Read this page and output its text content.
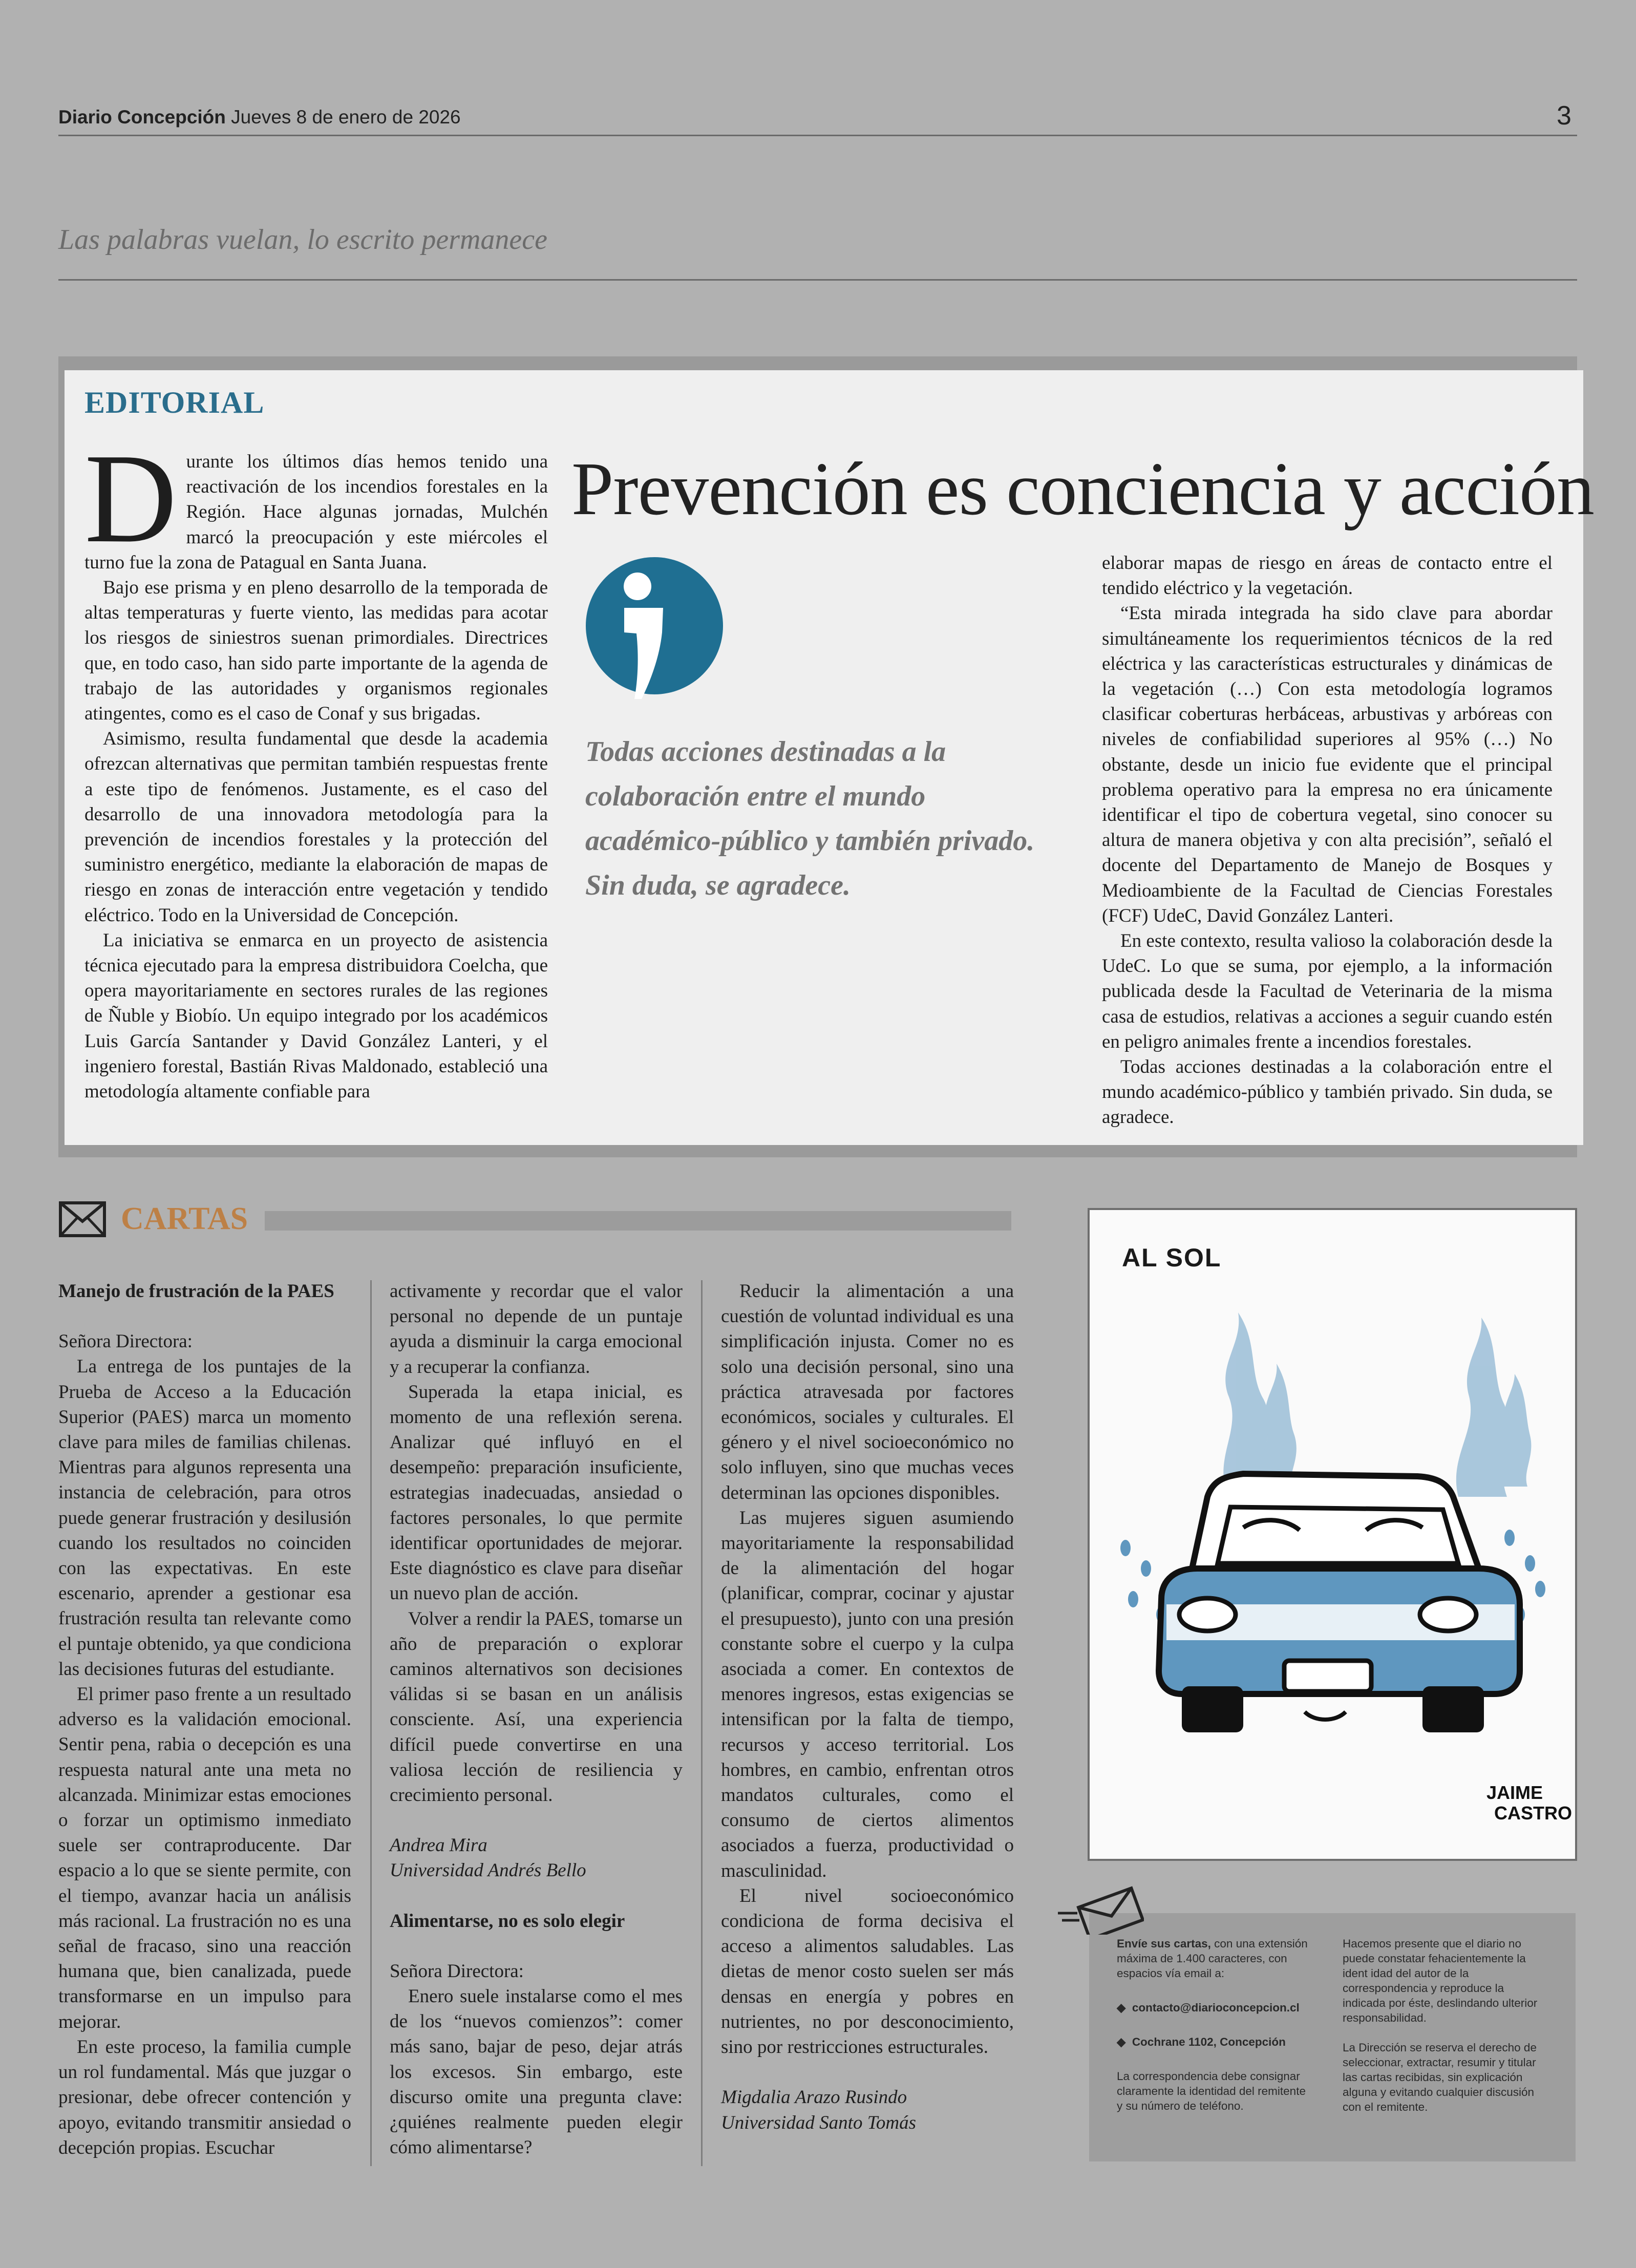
Diario Concepción Jueves 8 de enero de 2026	3
Las palabras vuelan, lo escrito permanece
EDITORIAL

Durante los últimos días hemos tenido una reactivación de los incendios forestales en la Región. Hace algunas jornadas, Mulchén marcó la preocupación y este miércoles el turno fue la zona de Patagual en Santa Juana.

Bajo ese prisma y en pleno desarrollo de la temporada de altas temperaturas y fuerte viento, las medidas para acotar los riesgos de siniestros suenan primordiales. Directrices que, en todo caso, han sido parte importante de la agenda de trabajo de las autoridades y organismos regionales atingentes, como es el caso de Conaf y sus brigadas.

Asimismo, resulta fundamental que desde la academia ofrezcan alternativas que permitan también respuestas frente a este tipo de fenómenos. Justamente, es el caso del desarrollo de una innovadora metodología para la prevención de incendios forestales y la protección del suministro energético, mediante la elaboración de mapas de riesgo en zonas de interacción entre vegetación y tendido eléctrico. Todo en la Universidad de Concepción.

La iniciativa se enmarca en un proyecto de asistencia técnica ejecutado para la empresa distribuidora Coelcha, que opera mayoritariamente en sectores rurales de las regiones de Ñuble y Biobío. Un equipo integrado por los académicos Luis García Santander y David González Lanteri, y el ingeniero forestal, Bastián Rivas Maldonado, estableció una metodología altamente confiable para

Prevención es conciencia y acción
Todas acciones destinadas a la colaboración entre el mundo académico-público y también privado. Sin duda, se agradece.

elaborar mapas de riesgo en áreas de contacto entre el tendido eléctrico y la vegetación.

“Esta mirada integrada ha sido clave para abordar simultáneamente los requerimientos técnicos de la red eléctrica y las características estructurales y dinámicas de la vegetación (…) Con esta metodología logramos clasificar coberturas herbáceas, arbustivas y arbóreas con niveles de confiabilidad superiores al 95% (…) No obstante, desde un inicio fue evidente que el principal problema operativo para la empresa no era únicamente identificar el tipo de cobertura vegetal, sino conocer su altura de manera objetiva y con alta precisión”, señaló el docente del Departamento de Manejo de Bosques y Medioambiente de la Facultad de Ciencias Forestales (FCF) UdeC, David González Lanteri.

En este contexto, resulta valioso la colaboración desde la UdeC. Lo que se suma, por ejemplo, a la información publicada desde la Facultad de Veterinaria de la misma casa de estudios, relativas a acciones a seguir cuando estén en peligro animales frente a incendios forestales.

Todas acciones destinadas a la colaboración entre el mundo académico-público y también privado. Sin duda, se agradece.

CARTAS

Manejo de frustración de la PAES

Señora Directora:

La entrega de los puntajes de la Prueba de Acceso a la Educación Superior (PAES) marca un momento clave para miles de familias chilenas. Mientras para algunos representa una instancia de celebración, para otros puede generar frustración y desilusión cuando los resultados no coinciden con las expectativas. En este escenario, aprender a gestionar esa frustración resulta tan relevante como el puntaje obtenido, ya que condiciona las decisiones futuras del estudiante.

El primer paso frente a un resultado adverso es la validación emocional. Sentir pena, rabia o decepción es una respuesta natural ante una meta no alcanzada. Minimizar estas emociones o forzar un optimismo inmediato suele ser contraproducente. Dar espacio a lo que se siente permite, con el tiempo, avanzar hacia un análisis más racional. La frustración no es una señal de fracaso, sino una reacción humana que, bien canalizada, puede transformarse en un impulso para mejorar.

En este proceso, la familia cumple un rol fundamental. Más que juzgar o presionar, debe ofrecer contención y apoyo, evitando transmitir ansiedad o decepción propias. Escuchar

activamente y recordar que el valor personal no depende de un puntaje ayuda a disminuir la carga emocional y a recuperar la confianza.

Superada la etapa inicial, es momento de una reflexión serena. Analizar qué influyó en el desempeño: preparación insuficiente, estrategias inadecuadas, ansiedad o factores personales, lo que permite identificar oportunidades de mejorar. Este diagnóstico es clave para diseñar un nuevo plan de acción.

Volver a rendir la PAES, tomarse un año de preparación o explorar caminos alternativos son decisiones válidas si se basan en un análisis consciente. Así, una experiencia difícil puede convertirse en una valiosa lección de resiliencia y crecimiento personal.

Andrea Mira

Universidad Andrés Bello

Alimentarse, no es solo elegir

Señora Directora:

Enero suele instalarse como el mes de los “nuevos comienzos”: comer más sano, bajar de peso, dejar atrás los excesos. Sin embargo, este discurso omite una pregunta clave: ¿quiénes realmente pueden elegir cómo alimentarse?

Reducir la alimentación a una cuestión de voluntad individual es una simplificación injusta. Comer no es solo una decisión personal, sino una práctica atravesada por factores económicos, sociales y culturales. El género y el nivel socioeconómico no solo influyen, sino que muchas veces determinan las opciones disponibles.

Las mujeres siguen asumiendo mayoritariamente la responsabilidad de la alimentación del hogar (planificar, comprar, cocinar y ajustar el presupuesto), junto con una presión constante sobre el cuerpo y la culpa asociada a comer. En contextos de menores ingresos, estas exigencias se intensifican por la falta de tiempo, recursos y acceso territorial. Los hombres, en cambio, enfrentan otros mandatos culturales, como el consumo de ciertos alimentos asociados a fuerza, productividad o masculinidad.

El nivel socioeconómico condiciona de forma decisiva el acceso a alimentos saludables. Las dietas de menor costo suelen ser más densas en energía y pobres en nutrientes, no por desconocimiento, sino por restricciones estructurales.

Migdalia Arazo Rusindo

Universidad Santo Tomás

JAIME
CASTRO
AL SOL

Envíe sus cartas, con una extensión máxima de 1.400 caracteres, con espacios vía email a:

◆  contacto@diarioconcepcion.cl

◆  Cochrane 1102, Concepción

La correspondencia debe consignar claramente la identidad del remitente y su número de teléfono.

Hacemos presente que el diario no puede constatar fehacientemente la ident idad del autor de la correspondencia y reproduce la indicada por éste, deslindando ulterior responsabilidad.

La Dirección se reserva el derecho de seleccionar, extractar, resumir y titular las cartas recibidas, sin explicación alguna y evitando cualquier discusión con el remitente.
